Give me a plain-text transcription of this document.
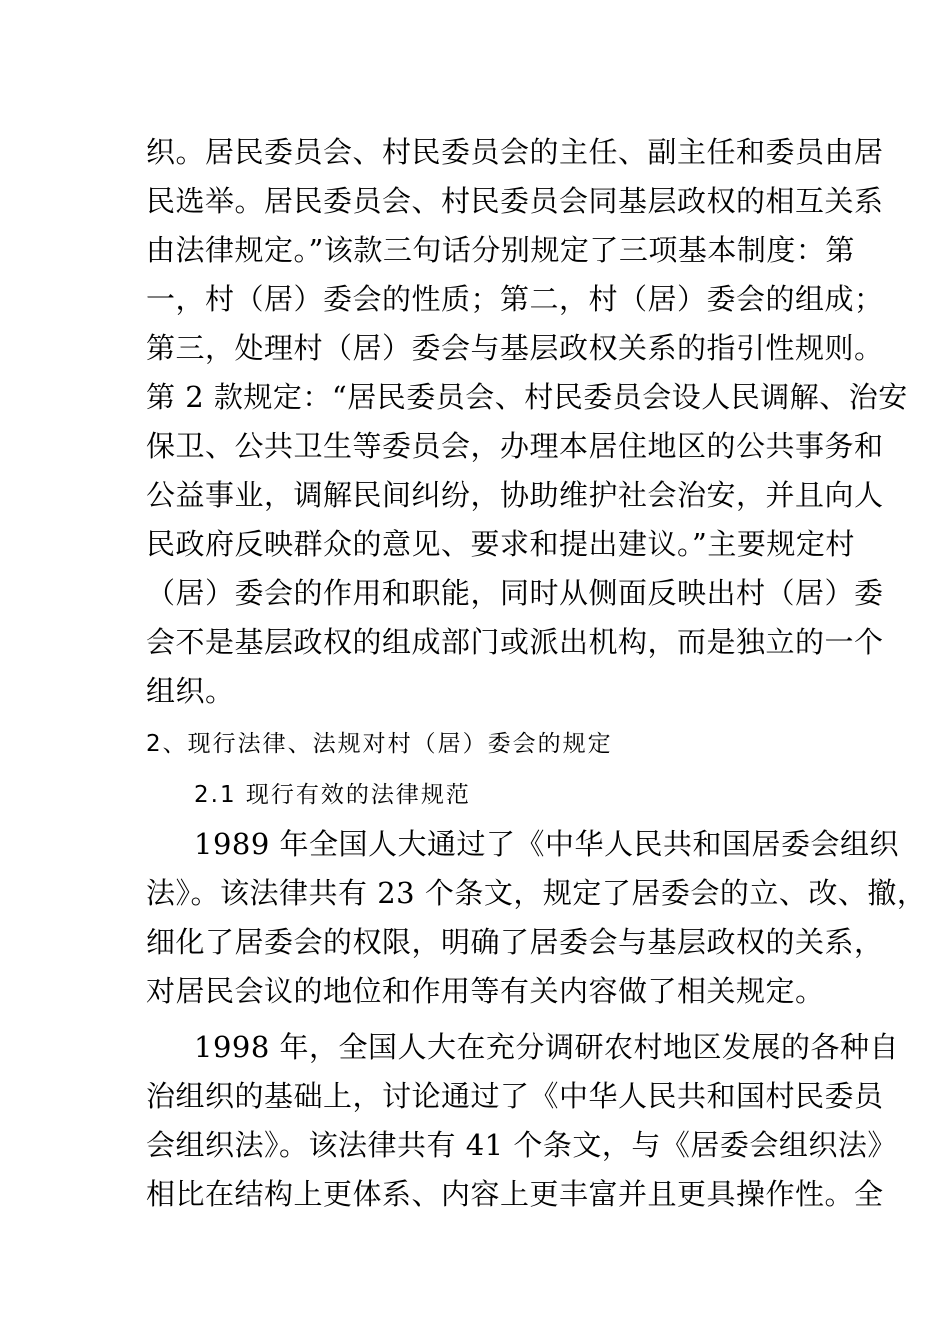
织。居民委员会、村民委员会的主任、副主任和委员由居
民选举。居民委员会、村民委员会同基层政权的相互关系
由法律规定。”该款三句话分别规定了三项基本制度：第
一，村（居）委会的性质；第二，村（居）委会的组成；
第三，处理村（居）委会与基层政权关系的指引性规则。
第 2 款规定：“居民委员会、村民委员会设人民调解、治安
保卫、公共卫生等委员会，办理本居住地区的公共事务和
公益事业，调解民间纠纷，协助维护社会治安，并且向人
民政府反映群众的意见、要求和提出建议。”主要规定村
（居）委会的作用和职能，同时从侧面反映出村（居）委
会不是基层政权的组成部门或派出机构，而是独立的一个
组织。
2、现行法律、法规对村（居）委会的规定
2.1 现行有效的法律规范
1989 年全国人大通过了《中华人民共和国居委会组织
法》。该法律共有 23 个条文，规定了居委会的立、改、撤，
细化了居委会的权限，明确了居委会与基层政权的关系，
对居民会议的地位和作用等有关内容做了相关规定。
1998 年，全国人大在充分调研农村地区发展的各种自
治组织的基础上，讨论通过了《中华人民共和国村民委员
会组织法》。该法律共有 41 个条文，与《居委会组织法》
相比在结构上更体系、内容上更丰富并且更具操作性。全
